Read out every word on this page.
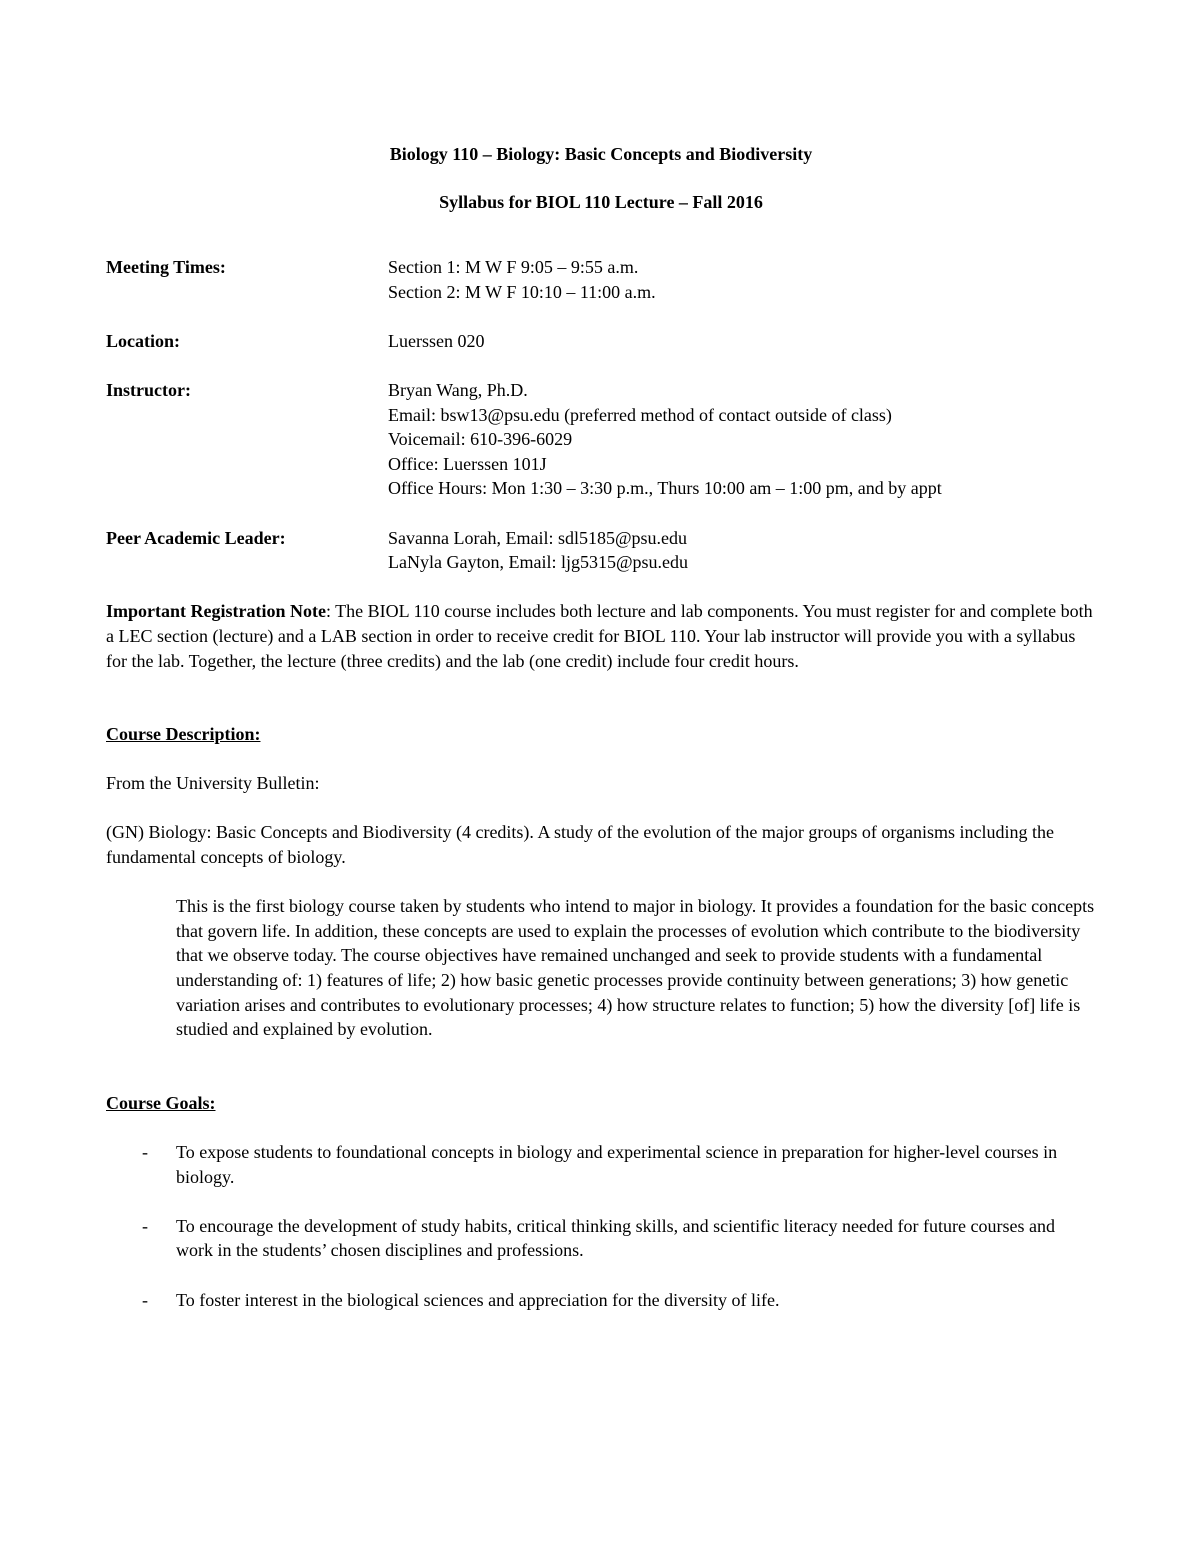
Biology 110 – Biology: Basic Concepts and Biodiversity
Syllabus for BIOL 110 Lecture – Fall 2016
Meeting Times:	Section 1: M W F 9:05 – 9:55 a.m.
Section 2: M W F 10:10 – 11:00 a.m.
Location:	Luerssen 020
Instructor:	Bryan Wang, Ph.D.
Email: bsw13@psu.edu (preferred method of contact outside of class)
Voicemail: 610-396-6029
Office: Luerssen 101J
Office Hours: Mon 1:30 – 3:30 p.m., Thurs 10:00 am – 1:00 pm, and by appt
Peer Academic Leader:	Savanna Lorah, Email: sdl5185@psu.edu
LaNyla Gayton, Email: ljg5315@psu.edu

Important Registration Note: The BIOL 110 course includes both lecture and lab components. You must register for and complete both a LEC section (lecture) and a LAB section in order to receive credit for BIOL 110. Your lab instructor will provide you with a syllabus for the lab. Together, the lecture (three credits) and the lab (one credit) include four credit hours.

Course Description:

From the University Bulletin:

(GN) Biology: Basic Concepts and Biodiversity (4 credits). A study of the evolution of the major groups of organisms including the fundamental concepts of biology.

This is the first biology course taken by students who intend to major in biology. It provides a foundation for the basic concepts that govern life. In addition, these concepts are used to explain the processes of evolution which contribute to the biodiversity that we observe today. The course objectives have remained unchanged and seek to provide students with a fundamental understanding of: 1) features of life; 2) how basic genetic processes provide continuity between generations; 3) how genetic variation arises and contributes to evolutionary processes; 4) how structure relates to function; 5) how the diversity [of] life is studied and explained by evolution.

Course Goals:
-	To expose students to foundational concepts in biology and experimental science in preparation for higher-level courses in biology.
-	To encourage the development of study habits, critical thinking skills, and scientific literacy needed for future courses and work in the students’ chosen disciplines and professions.
-	To foster interest in the biological sciences and appreciation for the diversity of life.
